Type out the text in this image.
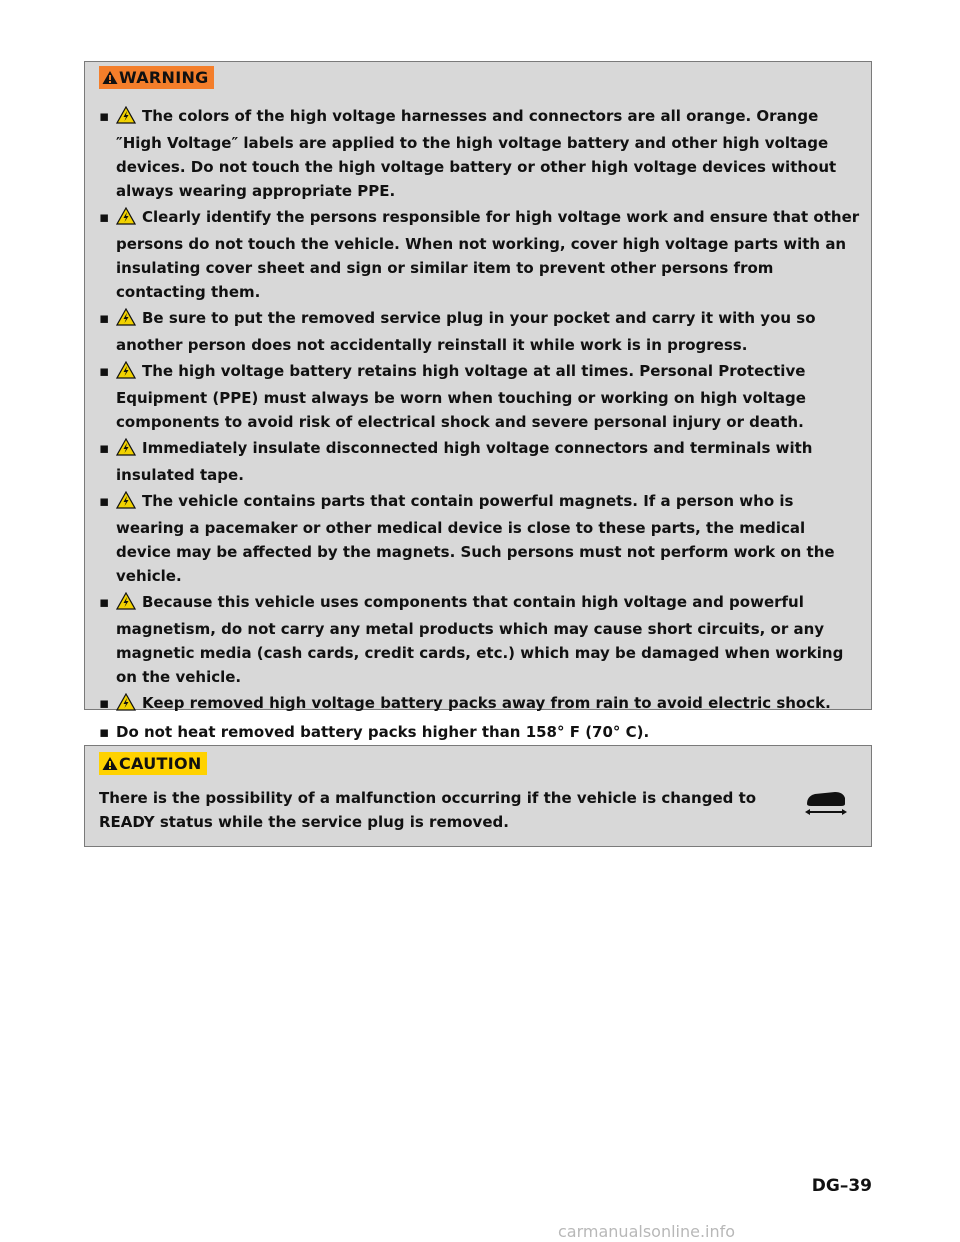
WARNING
▪ The colors of the high voltage harnesses and connectors are all orange. Orange ″High Voltage″ labels are applied to the high voltage battery and other high voltage devices. Do not touch the high voltage battery or other high voltage devices without always wearing appropriate PPE.
▪ Clearly identify the persons responsible for high voltage work and ensure that other persons do not touch the vehicle. When not working, cover high voltage parts with an insulating cover sheet and sign or similar item to prevent other persons from contacting them.
▪ Be sure to put the removed service plug in your pocket and carry it with you so another person does not accidentally reinstall it while work is in progress.
▪ The high voltage battery retains high voltage at all times. Personal Protective Equipment (PPE) must always be worn when touching or working on high voltage components to avoid risk of electrical shock and severe personal injury or death.
▪ Immediately insulate disconnected high voltage connectors and terminals with insulated tape.
▪ The vehicle contains parts that contain powerful magnets. If a person who is wearing a pacemaker or other medical device is close to these parts, the medical device may be affected by the magnets. Such persons must not perform work on the vehicle.
▪ Because this vehicle uses components that contain high voltage and powerful magnetism, do not carry any metal products which may cause short circuits, or any magnetic media (cash cards, credit cards, etc.) which may be damaged when working on the vehicle.
▪ Keep removed high voltage battery packs away from rain to avoid electric shock.
▪ Do not heat removed battery packs higher than 158° F (70° C).
CAUTION
There is the possibility of a malfunction occurring if the vehicle is changed to READY status while the service plug is removed.
DG–39
carmanualsonline.info
